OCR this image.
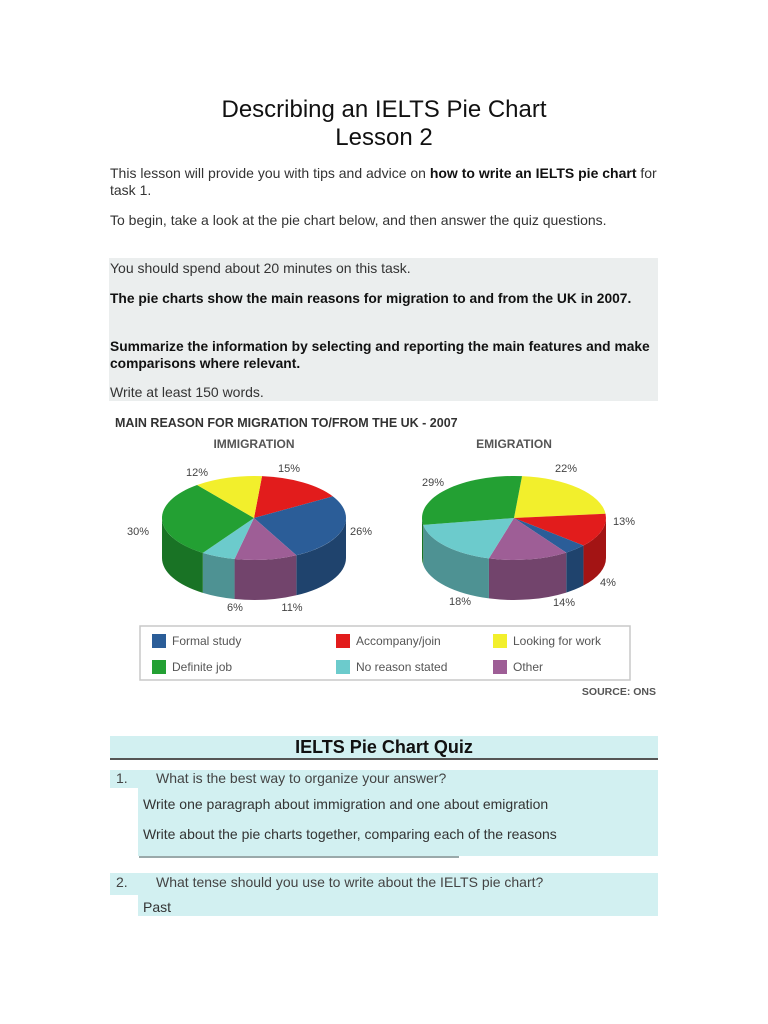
Describing an IELTS Pie Chart
Lesson 2

This lesson will provide you with tips and advice on how to write an IELTS pie chart for task 1.

To begin, take a look at the pie chart below, and then answer the quiz questions.

You should spend about 20 minutes on this task.

The pie charts show the main reasons for migration to and from the UK in 2007.

Summarize the information by selecting and reporting the main features and make comparisons where relevant.

Write at least 150 words.

MAIN REASON FOR MIGRATION TO/FROM THE UK - 2007
SOURCE: ONS
IMMIGRATION
15%
26%
11%
6%
30%
12%
EMIGRATION
22%
13%
4%
14%
18%
29%
Formal study	Accompany/join	Looking for work
Definite job	No reason stated	Other
IELTS Pie Chart Quiz
1. What is the best way to organize your answer?
Write one paragraph about immigration and one about emigration
Write about the pie charts together, comparing each of the reasons
2. What tense should you use to write about the IELTS pie chart?
Past
